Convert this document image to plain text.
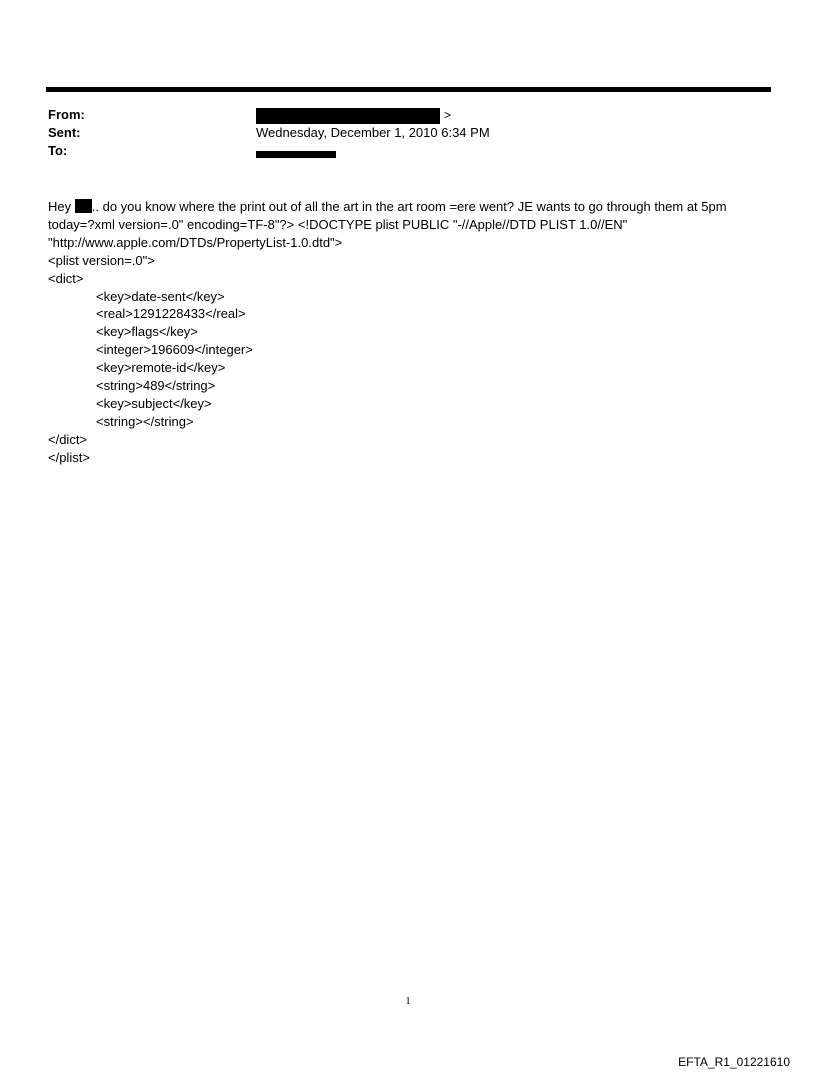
From:	>
Sent:	Wednesday, December 1, 2010 6:34 PM
To:
Hey .. do you know where the print out of all the art in the art room =ere went? JE wants to go through them at 5pm
today=?xml version=.0" encoding=TF-8"?> <!DOCTYPE plist PUBLIC "-//Apple//DTD PLIST 1.0//EN"
"http://www.apple.com/DTDs/PropertyList-1.0.dtd">
<plist version=.0">
<dict>
<key>date-sent</key>
<real>1291228433</real>
<key>flags</key>
<integer>196609</integer>
<key>remote-id</key>
<string>489</string>
<key>subject</key>
<string></string>
</dict>
</plist>
1
EFTA_R1_01221610
